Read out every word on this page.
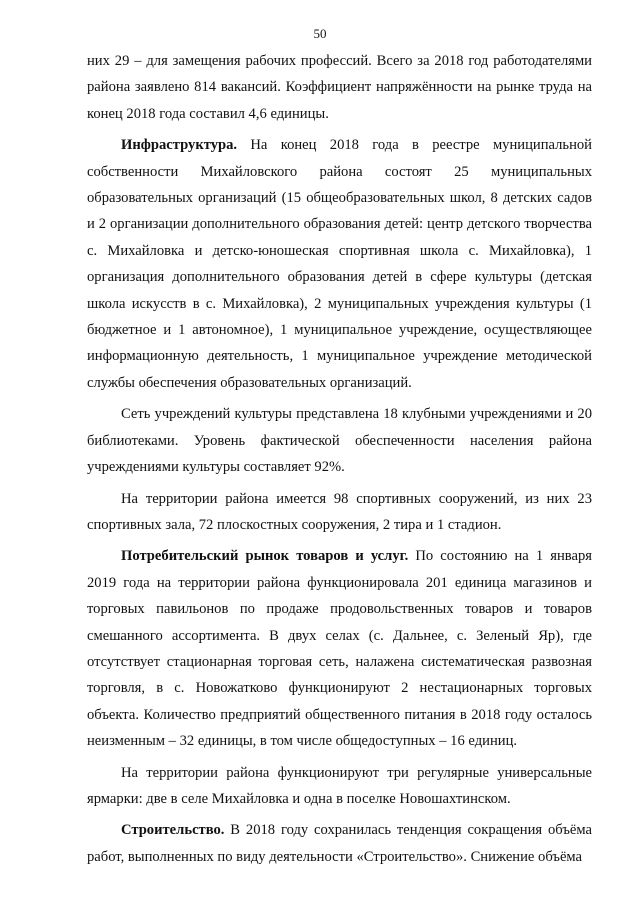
50

них 29 – для замещения рабочих профессий. Всего за 2018 год работодателями района заявлено 814 вакансий. Коэффициент напряжённости на рынке труда на конец 2018 года составил 4,6 единицы.

Инфраструктура. На конец 2018 года в реестре муниципальной собственности Михайловского района состоят 25 муниципальных образовательных организаций (15 общеобразовательных школ, 8 детских садов и 2 организации дополнительного образования детей: центр детского творчества с. Михайловка и детско-юношеская спортивная школа с. Михайловка), 1 организация дополнительного образования детей в сфере культуры (детская школа искусств в с. Михайловка), 2 муниципальных учреждения культуры (1 бюджетное и 1 автономное), 1 муниципальное учреждение, осуществляющее информационную деятельность, 1 муниципальное учреждение методической службы обеспечения образовательных организаций.

Сеть учреждений культуры представлена 18 клубными учреждениями и 20 библиотеками. Уровень фактической обеспеченности населения района учреждениями культуры составляет 92%.

На территории района имеется 98 спортивных сооружений, из них 23 спортивных зала, 72 плоскостных сооружения, 2 тира и 1 стадион.

Потребительский рынок товаров и услуг. По состоянию на 1 января 2019 года на территории района функционировала 201 единица магазинов и торговых павильонов по продаже продовольственных товаров и товаров смешанного ассортимента. В двух селах (с. Дальнее, с. Зеленый Яр), где отсутствует стационарная торговая сеть, налажена систематическая развозная торговля, в с. Новожатково функционируют 2 нестационарных торговых объекта. Количество предприятий общественного питания в 2018 году осталось неизменным – 32 единицы, в том числе общедоступных – 16 единиц.

На территории района функционируют три регулярные универсальные ярмарки: две в селе Михайловка и одна в поселке Новошахтинском.

Строительство. В 2018 году сохранилась тенденция сокращения объёма работ, выполненных по виду деятельности «Строительство». Снижение объёма
